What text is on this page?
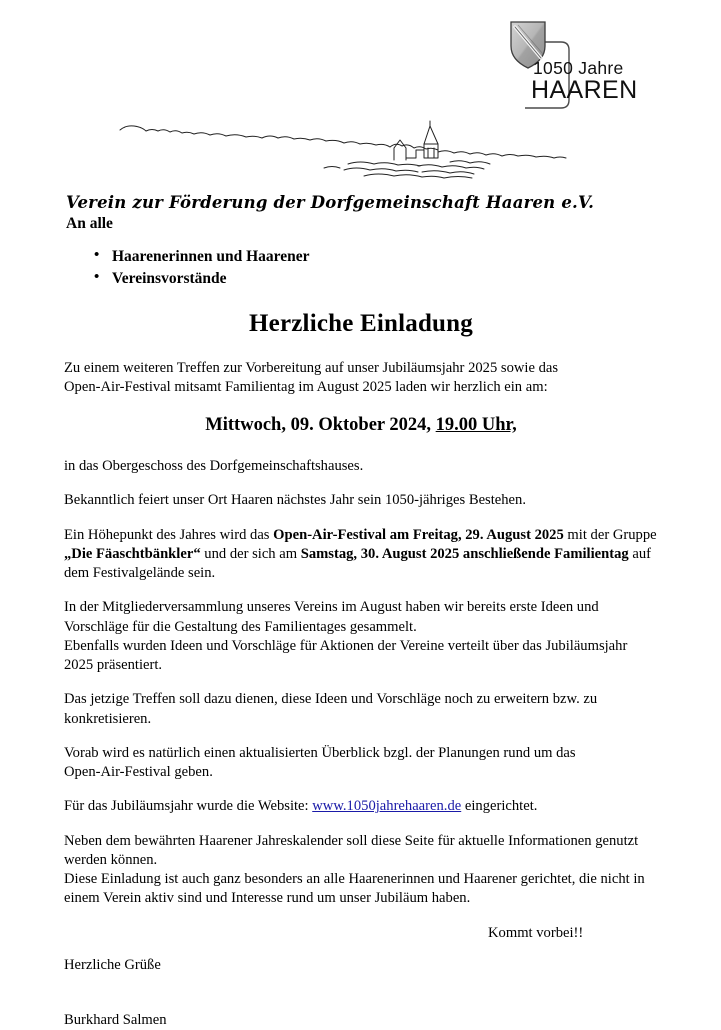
1050 Jahre
HAAREN

Verein zur Förderung der Dorfgemeinschaft Haaren e.V.

An alle

• Haarenerinnen und Haarener
• Vereinsvorstände
Herzliche Einladung

Zu einem weiteren Treffen zur Vorbereitung auf unser Jubiläumsjahr 2025 sowie das
Open-Air-Festival mitsamt Familientag im August 2025 laden wir herzlich ein am:

Mittwoch, 09. Oktober 2024, 19.00 Uhr,

in das Obergeschoss des Dorfgemeinschaftshauses.

Bekanntlich feiert unser Ort Haaren nächstes Jahr sein 1050-jähriges Bestehen.

Ein Höhepunkt des Jahres wird das Open-Air-Festival am Freitag, 29. August 2025 mit der Gruppe „Die Fäaschtbänkler“ und der sich am Samstag, 30. August 2025 anschließende Familientag auf dem Festivalgelände sein.

In der Mitgliederversammlung unseres Vereins im August haben wir bereits erste Ideen und
Vorschläge für die Gestaltung des Familientages gesammelt.
Ebenfalls wurden Ideen und Vorschläge für Aktionen der Vereine verteilt über das Jubiläumsjahr
2025 präsentiert.

Das jetzige Treffen soll dazu dienen, diese Ideen und Vorschläge noch zu erweitern bzw. zu
konkretisieren.

Vorab wird es natürlich einen aktualisierten Überblick bzgl. der Planungen rund um das
Open-Air-Festival geben.

Für das Jubiläumsjahr wurde die Website: www.1050jahrehaaren.de eingerichtet.

Neben dem bewährten Haarener Jahreskalender soll diese Seite für aktuelle Informationen genutzt
werden können.
Diese Einladung ist auch ganz besonders an alle Haarenerinnen und Haarener gerichtet, die nicht in
einem Verein aktiv sind und Interesse rund um unser Jubiläum haben.

Kommt vorbei!!

Herzliche Grüße

Burkhard Salmen
